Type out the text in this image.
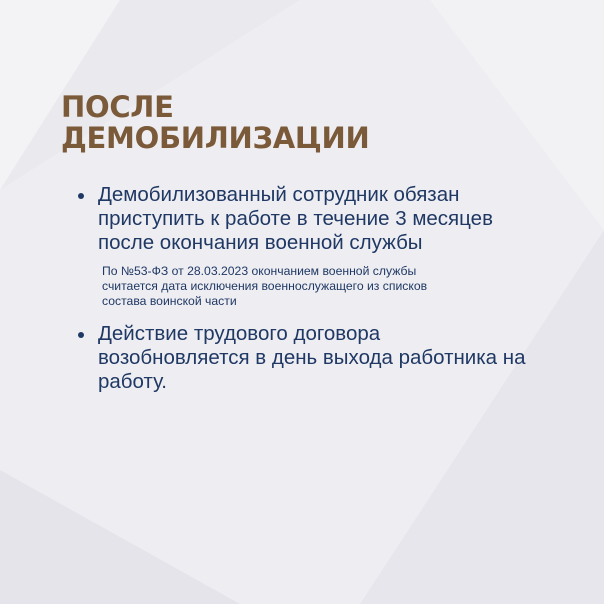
ПОСЛЕ
ДЕМОБИЛИЗАЦИИ
Демобилизованный сотрудник обязан
приступить к работе в течение 3 месяцев
после окончания военной службы
По №53-ФЗ от 28.03.2023 окончанием военной службы
считается дата исключения военнослужащего из списков
состава воинской части
Действие трудового договора
возобновляется в день выхода работника на
работу.
